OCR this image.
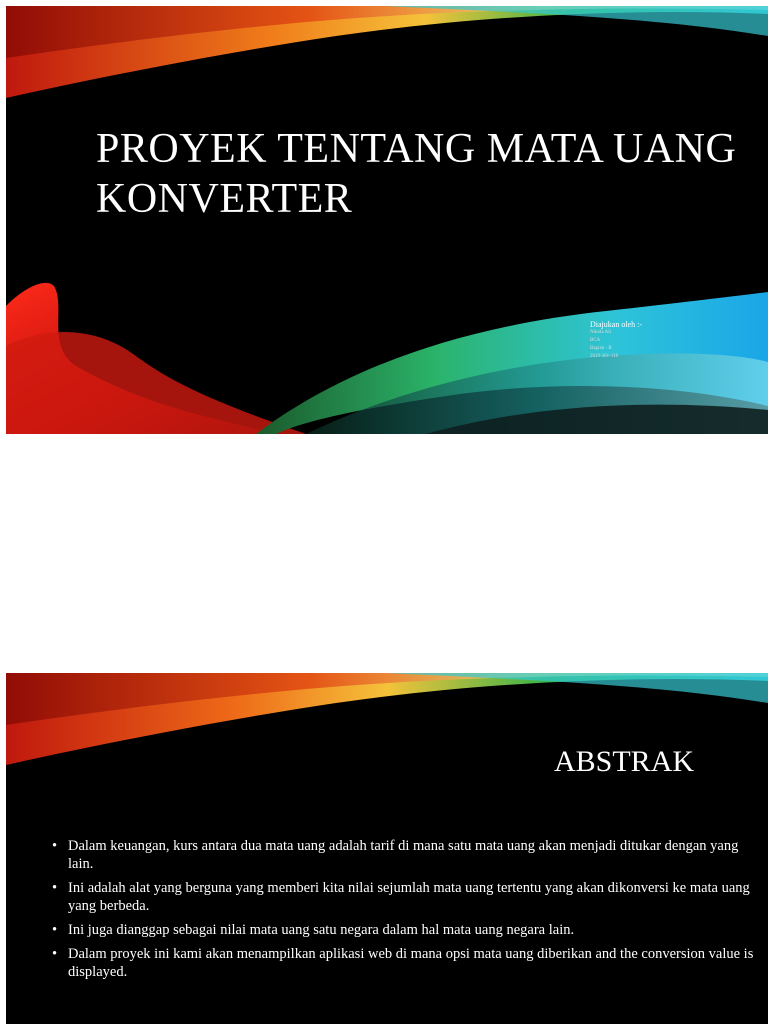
PROYEK TENTANG MATA UANG
KONVERTER
Diajukan oleh :-
Nikola Ali
BCA
Bagian - B
2019-301-118
ABSTRAK
• Dalam keuangan, kurs antara dua mata uang adalah tarif di mana satu mata uang akan menjadi ditukar dengan yang lain.
• Ini adalah alat yang berguna yang memberi kita nilai sejumlah mata uang tertentu yang akan dikonversi ke mata uang yang berbeda.
• Ini juga dianggap sebagai nilai mata uang satu negara dalam hal mata uang negara lain.
• Dalam proyek ini kami akan menampilkan aplikasi web di mana opsi mata uang diberikan and the conversion value is displayed.
